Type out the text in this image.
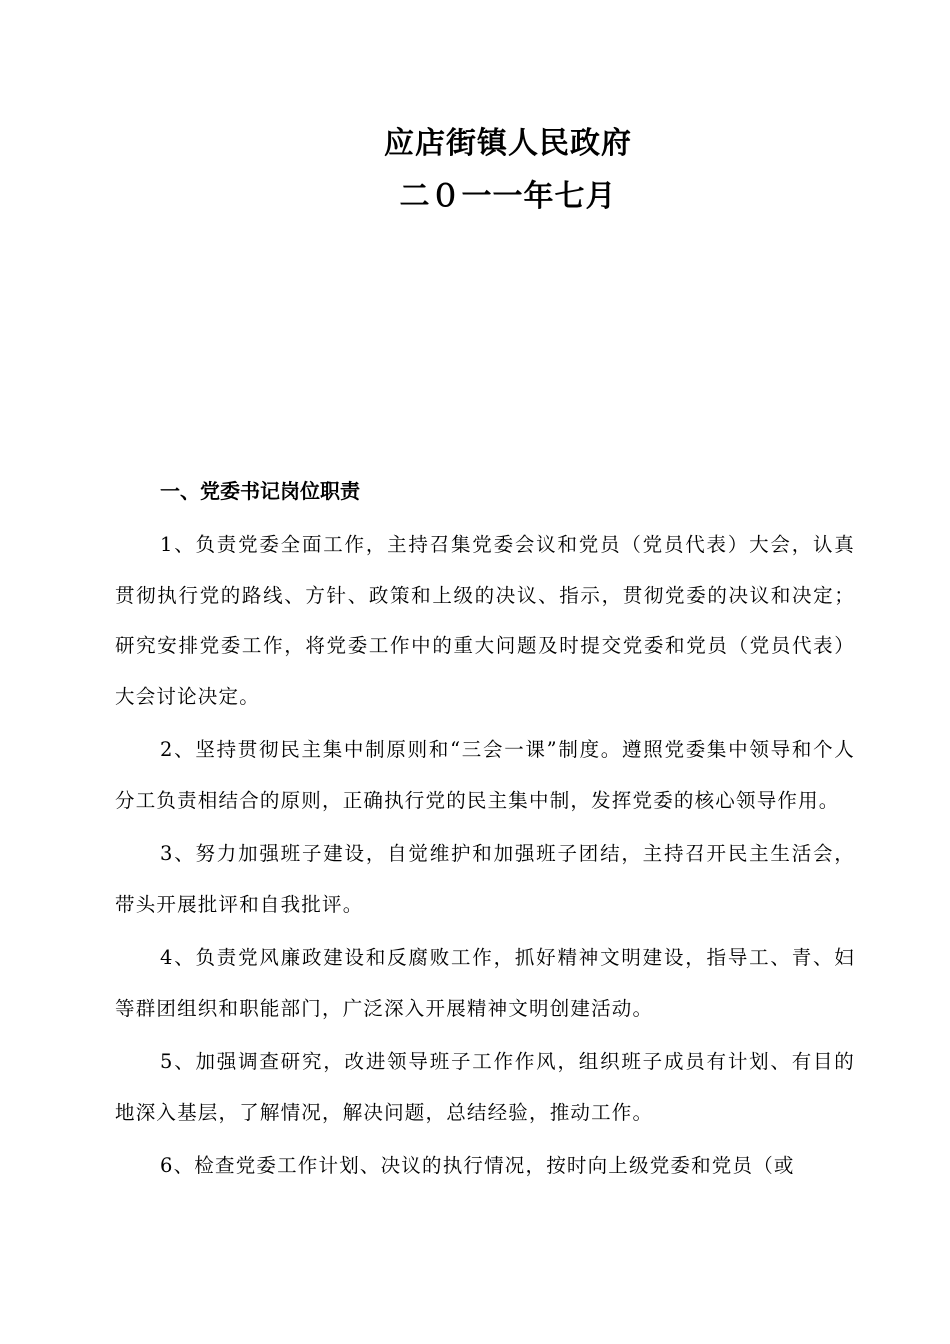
应店街镇人民政府
二０一一年七月
一、党委书记岗位职责

1、负责党委全面工作，主持召集党委会议和党员（党员代表）大会，认真贯彻执行党的路线、方针、政策和上级的决议、指示，贯彻党委的决议和决定；研究安排党委工作，将党委工作中的重大问题及时提交党委和党员（党员代表）大会讨论决定。

2、坚持贯彻民主集中制原则和“三会一课”制度。遵照党委集中领导和个人分工负责相结合的原则，正确执行党的民主集中制，发挥党委的核心领导作用。

3、努力加强班子建设，自觉维护和加强班子团结，主持召开民主生活会，带头开展批评和自我批评。

4、负责党风廉政建设和反腐败工作，抓好精神文明建设，指导工、青、妇等群团组织和职能部门，广泛深入开展精神文明创建活动。

5、加强调查研究，改进领导班子工作作风，组织班子成员有计划、有目的地深入基层，了解情况，解决问题，总结经验，推动工作。

6、检查党委工作计划、决议的执行情况，按时向上级党委和党员（或
